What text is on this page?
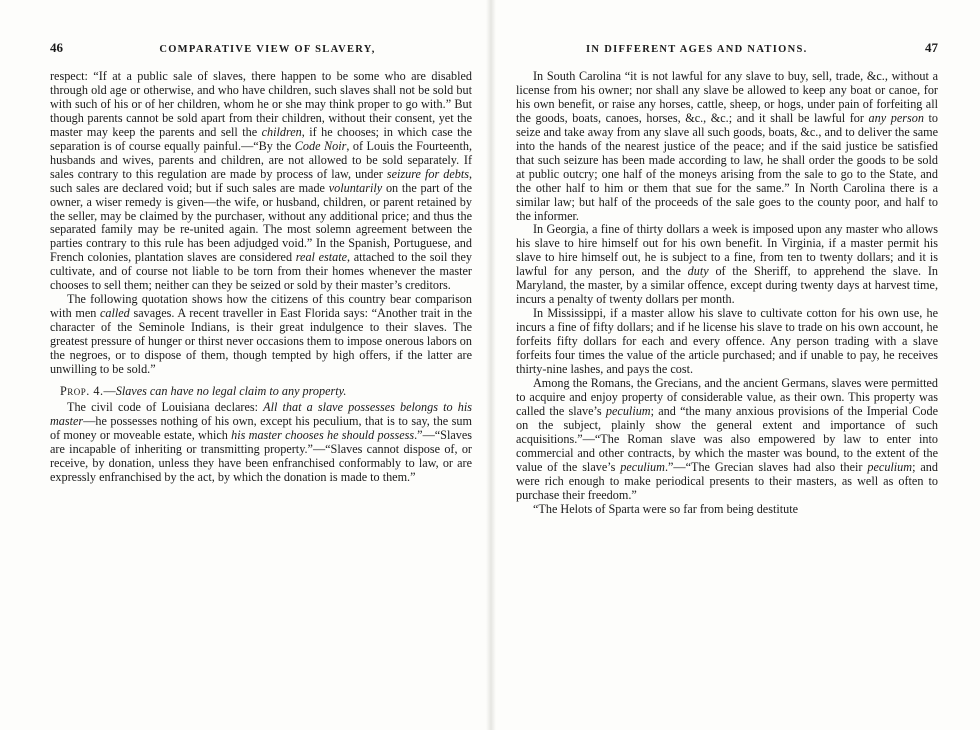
46	COMPARATIVE VIEW OF SLAVERY,

respect: “If at a public sale of slaves, there happen to be some who are disabled through old age or otherwise, and who have children, such slaves shall not be sold but with such of his or of her children, whom he or she may think proper to go with.” But though parents cannot be sold apart from their children, without their consent, yet the master may keep the parents and sell the children, if he chooses; in which case the separation is of course equally painful.—“By the Code Noir, of Louis the Fourteenth, husbands and wives, parents and children, are not allowed to be sold separately. If sales contrary to this regulation are made by process of law, under seizure for debts, such sales are declared void; but if such sales are made voluntarily on the part of the owner, a wiser remedy is given—the wife, or husband, children, or parent retained by the seller, may be claimed by the purchaser, without any additional price; and thus the separated family may be re-united again. The most solemn agreement between the parties contrary to this rule has been adjudged void.” In the Spanish, Portuguese, and French colonies, plantation slaves are considered real estate, attached to the soil they cultivate, and of course not liable to be torn from their homes whenever the master chooses to sell them; neither can they be seized or sold by their master’s creditors.

The following quotation shows how the citizens of this country bear comparison with men called savages. A recent traveller in East Florida says: “Another trait in the character of the Seminole Indians, is their great indulgence to their slaves. The greatest pressure of hunger or thirst never occasions them to impose onerous labors on the negroes, or to dispose of them, though tempted by high offers, if the latter are unwilling to be sold.”

Prop. 4.—Slaves can have no legal claim to any property.

The civil code of Louisiana declares: All that a slave possesses belongs to his master—he possesses nothing of his own, except his peculium, that is to say, the sum of money or moveable estate, which his master chooses he should possess.”—“Slaves are incapable of inheriting or transmitting property.”—“Slaves cannot dispose of, or receive, by donation, unless they have been enfranchised conformably to law, or are expressly enfranchised by the act, by which the donation is made to them.”

IN DIFFERENT AGES AND NATIONS.	47

In South Carolina “it is not lawful for any slave to buy, sell, trade, &c., without a license from his owner; nor shall any slave be allowed to keep any boat or canoe, for his own benefit, or raise any horses, cattle, sheep, or hogs, under pain of forfeiting all the goods, boats, canoes, horses, &c., &c.; and it shall be lawful for any person to seize and take away from any slave all such goods, boats, &c., and to deliver the same into the hands of the nearest justice of the peace; and if the said justice be satisfied that such seizure has been made according to law, he shall order the goods to be sold at public outcry; one half of the moneys arising from the sale to go to the State, and the other half to him or them that sue for the same.” In North Carolina there is a similar law; but half of the proceeds of the sale goes to the county poor, and half to the informer.

In Georgia, a fine of thirty dollars a week is imposed upon any master who allows his slave to hire himself out for his own benefit. In Virginia, if a master permit his slave to hire himself out, he is subject to a fine, from ten to twenty dollars; and it is lawful for any person, and the duty of the Sheriff, to apprehend the slave. In Maryland, the master, by a similar offence, except during twenty days at harvest time, incurs a penalty of twenty dollars per month.

In Mississippi, if a master allow his slave to cultivate cotton for his own use, he incurs a fine of fifty dollars; and if he license his slave to trade on his own account, he forfeits fifty dollars for each and every offence. Any person trading with a slave forfeits four times the value of the article purchased; and if unable to pay, he receives thirty-nine lashes, and pays the cost.

Among the Romans, the Grecians, and the ancient Germans, slaves were permitted to acquire and enjoy property of considerable value, as their own. This property was called the slave’s peculium; and “the many anxious provisions of the Imperial Code on the subject, plainly show the general extent and importance of such acquisitions.”—“The Roman slave was also empowered by law to enter into commercial and other contracts, by which the master was bound, to the extent of the value of the slave’s peculium.”—“The Grecian slaves had also their peculium; and were rich enough to make periodical presents to their masters, as well as often to purchase their freedom.”

“The Helots of Sparta were so far from being destitute
